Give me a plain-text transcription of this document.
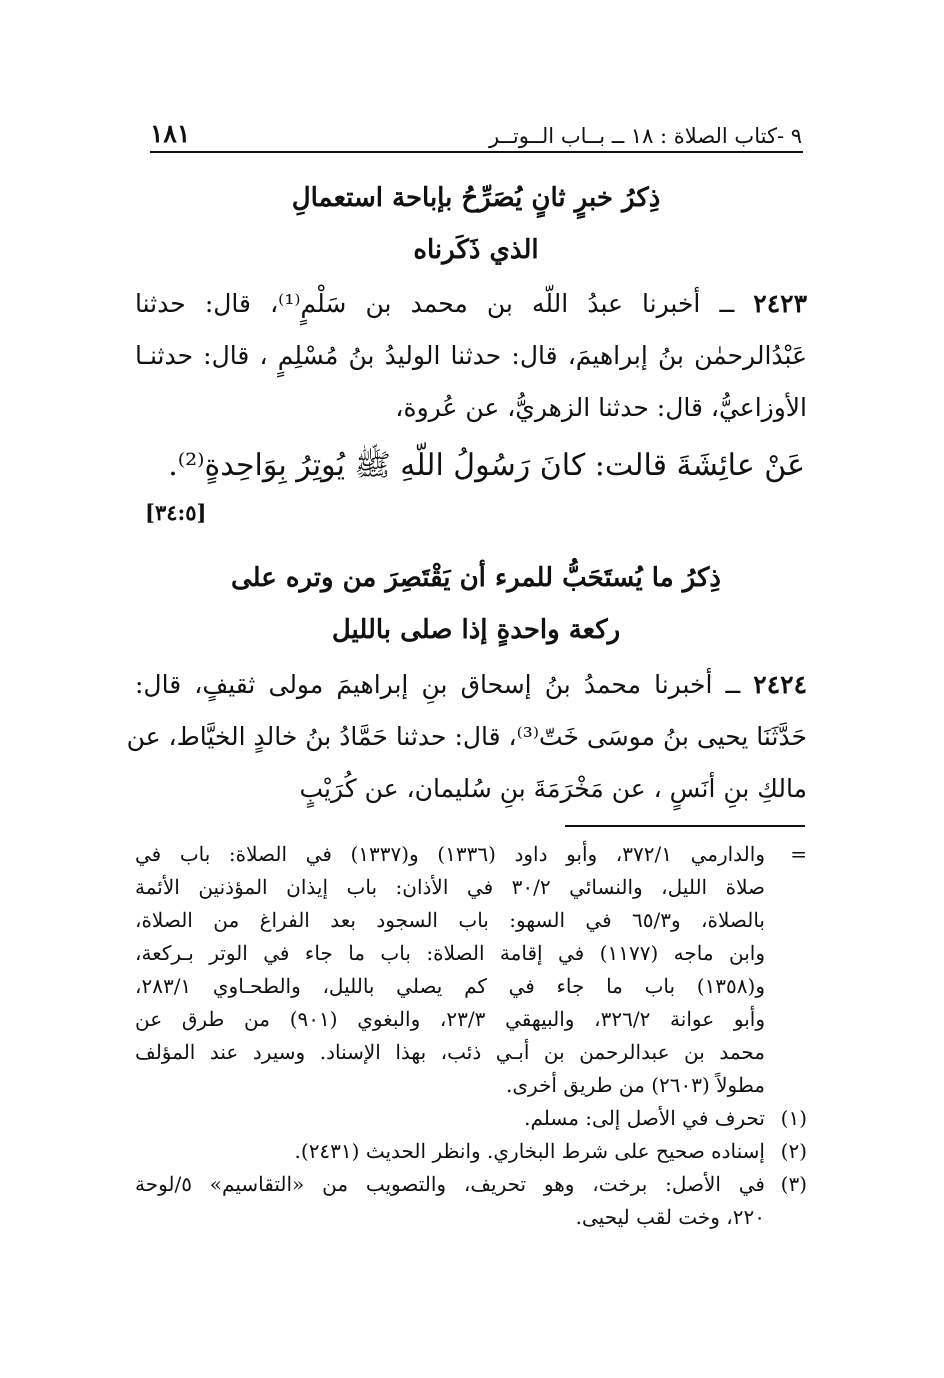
١٨١	٩ -كتاب الصلاة : ١٨ ــ بــاب الــوتــر
ذِكرُ خبرٍ ثانٍ يُصَرِّحُ بإباحة استعمالِ
الذي ذَكَرناه
٢٤٢٣ ــ أخبرنا عبدُ اللّه بن محمد بن سَلْمٍ⁽¹⁾، قال: حدثنا
عَبْدُالرحمٰن بنُ إبراهيمَ، قال: حدثنا الوليدُ بنُ مُسْلِمٍ ، قال: حدثنـا
الأوزاعيُّ، قال: حدثنا الزهريُّ، عن عُروة،
عَنْ عائِشَةَ قالت: كانَ رَسُولُ اللّهِ ﷺ يُوتِرُ بِوَاحِدةٍ⁽²⁾.
[٣٤:٥]
ذِكرُ ما يُستَحَبُّ للمرء أن يَقْتَصِرَ من وتره على
ركعة واحدةٍ إذا صلى بالليل
٢٤٢٤ ــ أخبرنا محمدُ بنُ إسحاق بنِ إبراهيمَ مولى ثقيفٍ، قال:
حَدَّثَنَا يحيى بنُ موسَى خَتّ⁽³⁾، قال: حدثنا حَمَّادُ بنُ خالدٍ الخيَّاط، عن
مالكِ بنِ أنَسٍ ، عن مَخْرَمَةَ بنِ سُليمان، عن كُرَيْبٍ
=
والدارمي ٣٧٢/١، وأبو داود (١٣٣٦) و(١٣٣٧) في الصلاة: باب في
صلاة الليل، والنسائي ٣٠/٢ في الأذان: باب إيذان المؤذنين الأئمة
بالصلاة، و٦٥/٣ في السهو: باب السجود بعد الفراغ من الصلاة،
وابن ماجه (١١٧٧) في إقامة الصلاة: باب ما جاء في الوتر بـركعة،
و(١٣٥٨) باب ما جاء في كم يصلي بالليل، والطحـاوي ٢٨٣/١،
وأبو عوانة ٣٢٦/٢، والبيهقي ٢٣/٣، والبغوي (٩٠١) من طرق عن
محمد بن عبدالرحمن بن أبـي ذئب، بهذا الإسناد. وسيرد عند المؤلف
مطولاً (٢٦٠٣) من طريق أخرى.
(١)
تحرف في الأصل إلى: مسلم.
(٢)
إسناده صحيح على شرط البخاري. وانظر الحديث (٢٤٣١).
(٣)
في الأصل: برخت، وهو تحريف، والتصويب من «التقاسيم» ٥/لوحة
٢٢٠، وخت لقب ليحيى.
